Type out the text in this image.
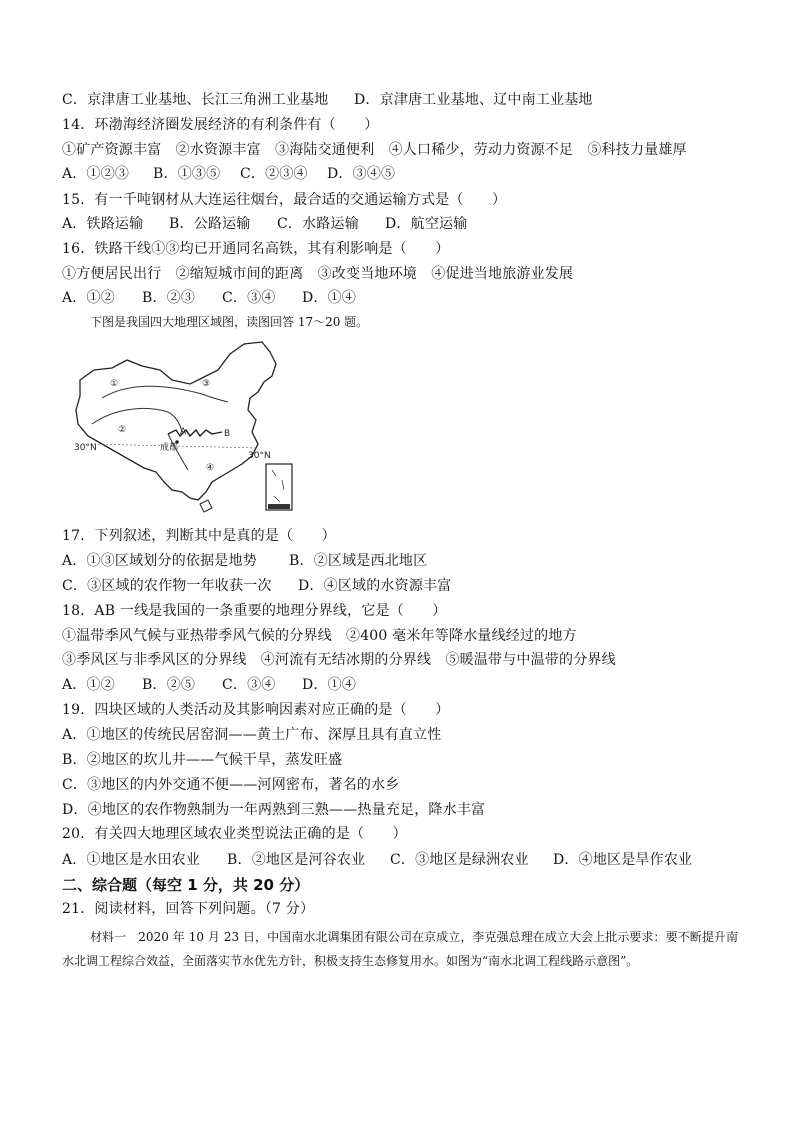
C．京津唐工业基地、长江三角洲工业基地 D．京津唐工业基地、辽中南工业基地
14．环渤海经济圈发展经济的有利条件有（　　）
①矿产资源丰富　②水资源丰富　③海陆交通便利　④人口稀少，劳动力资源不足　⑤科技力量雄厚
A．①②③ B．①③⑤ C．②③④ D．③④⑤
15．有一千吨钢材从大连运往烟台，最合适的交通运输方式是（　　）
A．铁路运输 B．公路运输 C．水路运输 D．航空运输
16．铁路干线①③均已开通同名高铁，其有利影响是（　　）
①方便居民出行　②缩短城市间的距离　③改变当地环境　④促进当地旅游业发展
A．①② B．②③ C．③④ D．①④
下图是我国四大地理区域图，读图回答 17～20 题。
①
②
③
④
A	B
成都
30°N
30°N
17．下列叙述，判断其中是真的是（　　）
A．①③区域划分的依据是地势 B．②区域是西北地区
C．③区域的农作物一年收获一次 D．④区域的水资源丰富
18．AB 一线是我国的一条重要的地理分界线，它是（　　）
①温带季风气候与亚热带季风气候的分界线　②400 毫米年等降水量线经过的地方
③季风区与非季风区的分界线　④河流有无结冰期的分界线　⑤暖温带与中温带的分界线
A．①② B．②⑤ C．③④ D．①④
19．四块区域的人类活动及其影响因素对应正确的是（　　）
A．①地区的传统民居窑洞——黄土广布、深厚且具有直立性
B．②地区的坎儿井——气候干旱，蒸发旺盛
C．③地区的内外交通不便——河网密布，著名的水乡
D．④地区的农作物熟制为一年两熟到三熟——热量充足，降水丰富
20．有关四大地理区域农业类型说法正确的是（　　）
A．①地区是水田农业 B．②地区是河谷农业 C．③地区是绿洲农业 D．④地区是旱作农业
二、综合题（每空 1 分，共 20 分）
21．阅读材料，回答下列问题。（7 分）
材料一　2020 年 10 月 23 日，中国南水北调集团有限公司在京成立，李克强总理在成立大会上批示要求：要不断提升南水北调工程综合效益，全面落实节水优先方针，积极支持生态修复用水。如图为“南水北调工程线路示意图”。
